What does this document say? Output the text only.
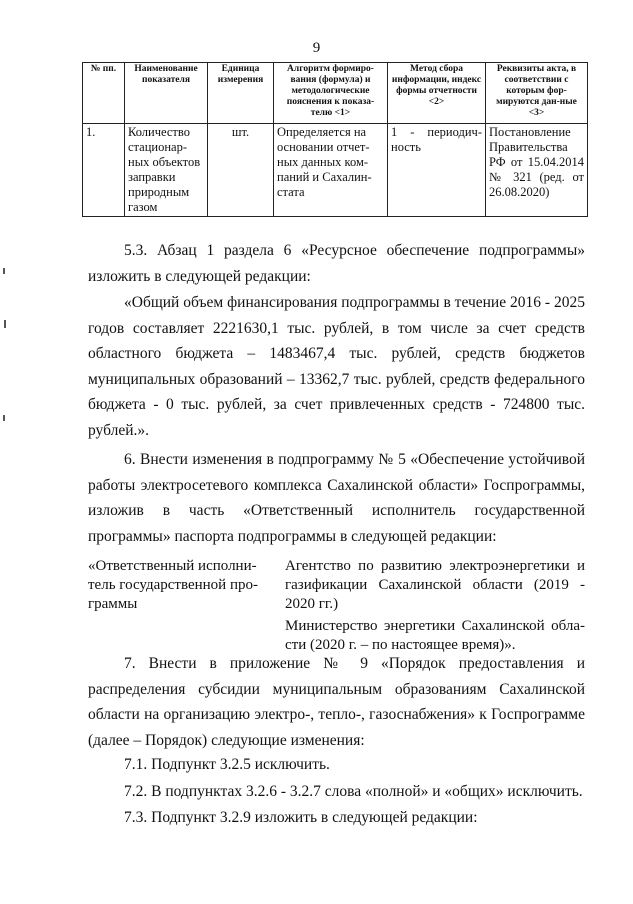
9
№ пп.	Наименование показателя	Единица измерения	Алгоритм формиро-вания (формула) и методологические пояснения к показа-телю <1>	Метод сбора информации, индекс формы отчетности <2>	Реквизиты акта, в соответствии с которым фор-мируются дан-ные <3>
1.	Количество стационар-ных объектов заправки природным газом	шт.	Определяется на основании отчет-ных данных ком-паний и Сахалин-стата	1 - периодич-ность	Постановление Правительства РФ от 15.04.2014 № 321 (ред. от 26.08.2020)
5.3. Абзац 1 раздела 6 «Ресурсное обеспечение подпрограммы» изложить в следующей редакции:
«Общий объем финансирования подпрограммы в течение 2016 - 2025 годов составляет 2221630,1 тыс. рублей, в том числе за счет средств областного бюджета – 1483467,4 тыс. рублей, средств бюджетов муниципальных образований – 13362,7 тыс. рублей, средств федерального бюджета - 0 тыс. рублей, за счет привлеченных средств - 724800 тыс. рублей.».
6. Внести изменения в подпрограмму № 5 «Обеспечение устойчивой работы электросетевого комплекса Сахалинской области» Госпрограммы, изложив в часть «Ответственный исполнитель государственной программы» паспорта подпрограммы в следующей редакции:
«Ответственный исполни-тель государственной про-граммы
Агентство по развитию электроэнергетики и газификации Сахалинской области (2019 - 2020 гг.)
Министерство энергетики Сахалинской обла-сти (2020 г. – по настоящее время)».
7. Внести в приложение № 9 «Порядок предоставления и распределения субсидии муниципальным образованиям Сахалинской области на организацию электро-, тепло-, газоснабжения» к Госпрограмме (далее – Порядок) следующие изменения:
7.1. Подпункт 3.2.5 исключить.
7.2. В подпунктах 3.2.6 - 3.2.7 слова «полной» и «общих» исключить.
7.3. Подпункт 3.2.9 изложить в следующей редакции:
